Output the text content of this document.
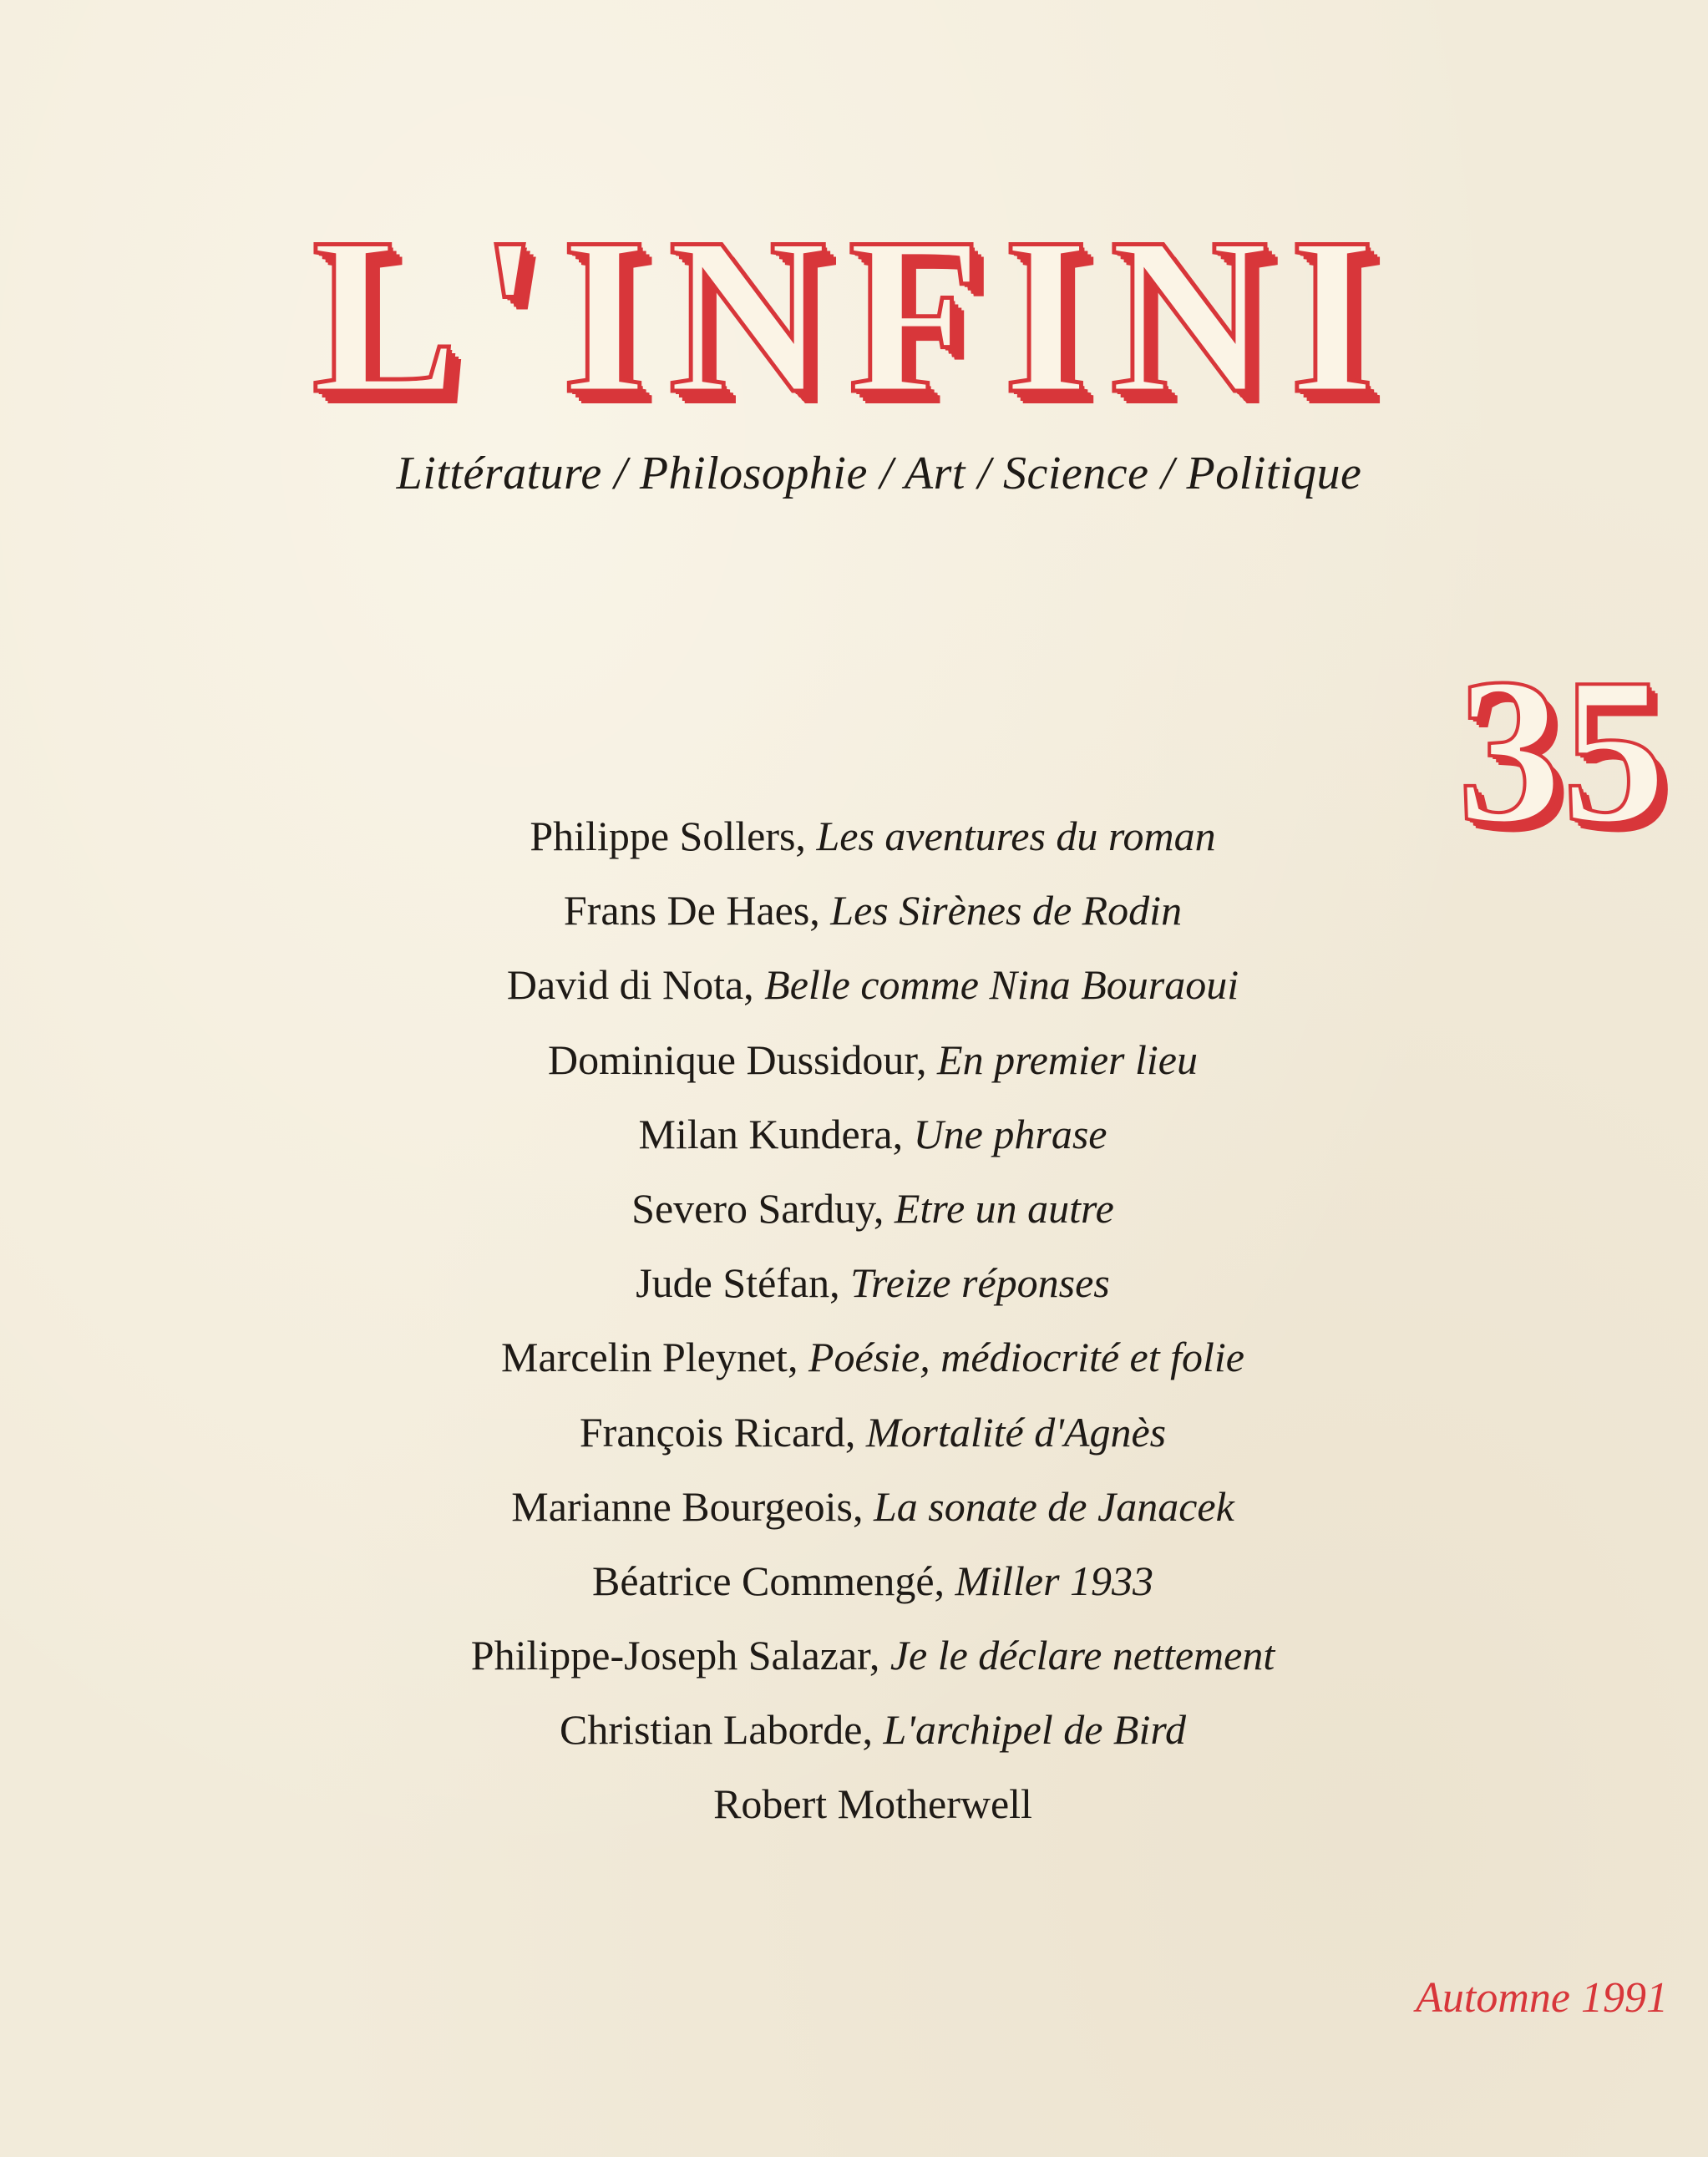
L'INFINI
Littérature / Philosophie / Art / Science / Politique
35
Philippe Sollers, Les aventures du roman
Frans De Haes, Les Sirènes de Rodin
David di Nota, Belle comme Nina Bouraoui
Dominique Dussidour, En premier lieu
Milan Kundera, Une phrase
Severo Sarduy, Etre un autre
Jude Stéfan, Treize réponses
Marcelin Pleynet, Poésie, médiocrité et folie
François Ricard, Mortalité d'Agnès
Marianne Bourgeois, La sonate de Janacek
Béatrice Commengé, Miller 1933
Philippe-Joseph Salazar, Je le déclare nettement
Christian Laborde, L'archipel de Bird
Robert Motherwell
Automne 1991
